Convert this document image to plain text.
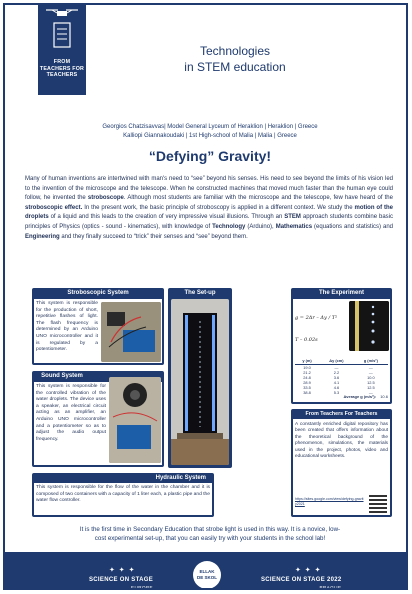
FROM TEACHERS FOR TEACHERS
Technologies
in STEM education
Georgios Chatzisavvas| Model General Lyceum of Heraklion | Heraklion | Greece
Kalliopi Giannakoudaki | 1st High-school of Malia | Malia | Greece
“Defying” Gravity!
Many of human inventions are intertwined with man's need to “see” beyond his senses. His need to see beyond the limits of his vision led to the invention of the microscope and the telescope. When he constructed machines that moved much faster than the human eye could follow, he invented the stroboscope. Although most students are familiar with the microscope and the telescope, few have heard of the stroboscopic effect. In the present work, the basic principle of stroboscopy is applied in a different context. We study the motion of the droplets of a liquid and this leads to the creation of very impressive visual illusions. Through an STEM approach students combine basic principles of Physics (optics - sound - kinematics), with knowledge of Technology (Arduino), Mathematics (equations and statistics) and Engineering and they finally succeed to “trick” their senses and “see” beyond them.
Stroboscopic System
This system is responsible for the production of short, repetitive flashes of light. The flash frequency is determined by an Arduino UNO microcontroller and it is regulated by a potentiometer.
Sound System
This system is responsible for the controlled vibration of the water droplets. The device uses a speaker, an electrical circuit acting as an amplifier, an Arduino UNO microcontroller and a potentiometer so as to adjust the audio output frequency.
Hydraulic System
This system is responsible for the flow of the water in the chamber and it is composed of two containers with a capacity of 1 liter each, a plastic pipe and the water flow controller.
The Set-up	The Experiment
g = 2Δr – Δy / T²
T – 0.02s
y (m)	Δy (cm)	g (m/s²)
19.0	—	—
21.2	2.2	—
24.8	3.6	10.0
28.9	4.1	12.5
33.5	4.6	12.5
38.8	5.3	—
Average g (m/s²): 10.6
From Teachers For Teachers
A constantly enriched digital repository has been created that offers information about the theoretical background of the phenomenon, simulations, the materials used in the project, photos, video and educational worksheets.
https://sites.google.com/view/defying-gravity2021
It is the first time in Secondary Education that strobe light is used in this way. It is a novice, low-
cost experimental set-up, that you can easily try with your students in the school lab!
SCIENCE ON STAGE
EUROPE
ELLAK
DE SKOL	SCIENCE ON STAGE 2022
PRAGUE
✦ ✦ ✦	✦ ✦ ✦
